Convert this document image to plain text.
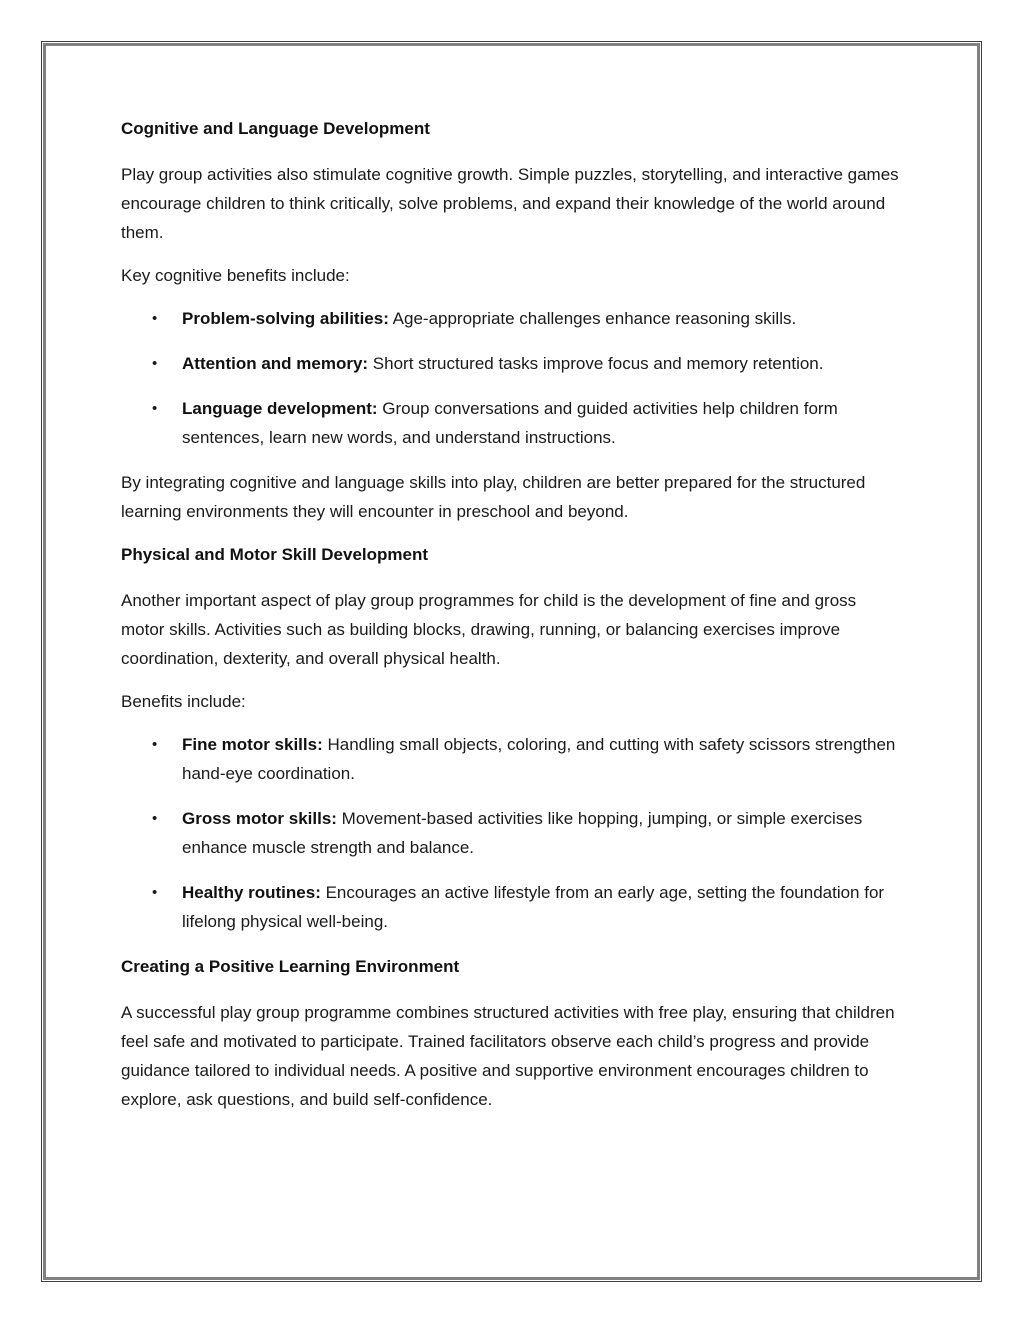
Cognitive and Language Development

Play group activities also stimulate cognitive growth. Simple puzzles, storytelling, and interactive games encourage children to think critically, solve problems, and expand their knowledge of the world around them.

Key cognitive benefits include:

• Problem-solving abilities: Age-appropriate challenges enhance reasoning skills.
• Attention and memory: Short structured tasks improve focus and memory retention.
• Language development: Group conversations and guided activities help children form sentences, learn new words, and understand instructions.

By integrating cognitive and language skills into play, children are better prepared for the structured learning environments they will encounter in preschool and beyond.

Physical and Motor Skill Development

Another important aspect of play group programmes for child is the development of fine and gross motor skills. Activities such as building blocks, drawing, running, or balancing exercises improve coordination, dexterity, and overall physical health.

Benefits include:

• Fine motor skills: Handling small objects, coloring, and cutting with safety scissors strengthen hand-eye coordination.
• Gross motor skills: Movement-based activities like hopping, jumping, or simple exercises enhance muscle strength and balance.
• Healthy routines: Encourages an active lifestyle from an early age, setting the foundation for lifelong physical well-being.
Creating a Positive Learning Environment

A successful play group programme combines structured activities with free play, ensuring that children feel safe and motivated to participate. Trained facilitators observe each child’s progress and provide guidance tailored to individual needs. A positive and supportive environment encourages children to explore, ask questions, and build self-confidence.
